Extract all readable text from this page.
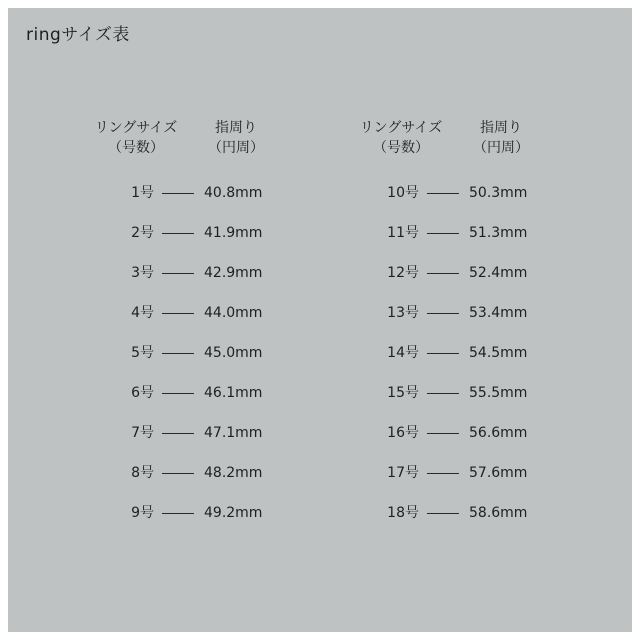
ringサイズ表
リングサイズ
（号数）
指周り
（円周）
1号	40.8mm
2号	41.9mm
3号	42.9mm
4号	44.0mm
5号	45.0mm
6号	46.1mm
7号	47.1mm
8号	48.2mm
9号	49.2mm
リングサイズ
（号数）
指周り
（円周）
10号	50.3mm
11号	51.3mm
12号	52.4mm
13号	53.4mm
14号	54.5mm
15号	55.5mm
16号	56.6mm
17号	57.6mm
18号	58.6mm
